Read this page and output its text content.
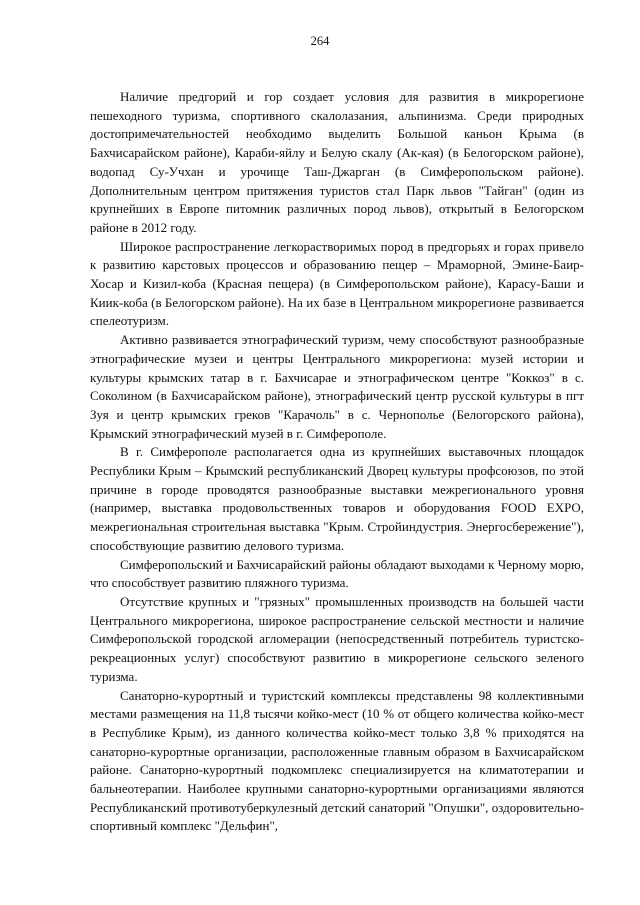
264

Наличие предгорий и гор создает условия для развития в микрорегионе пешеходного туризма, спортивного скалолазания, альпинизма. Среди природных достопримечательностей необходимо выделить Большой каньон Крыма (в Бахчисарайском районе), Караби-яйлу и Белую скалу (Ак-кая) (в Белогорском районе), водопад Су-Учхан и урочище Таш-Джарган (в Симферопольском районе). Дополнительным центром притяжения туристов стал Парк львов "Тайган" (один из крупнейших в Европе питомник различных пород львов), открытый в Белогорском районе в 2012 году.

Широкое распространение легкорастворимых пород в предгорьях и горах привело к развитию карстовых процессов и образованию пещер – Мраморной, Эмине-Баир-Хосар и Кизил-коба (Красная пещера) (в Симферопольском районе), Карасу-Баши и Киик-коба (в Белогорском районе). На их базе в Центральном микрорегионе развивается спелеотуризм.

Активно развивается этнографический туризм, чему способствуют разнообразные этнографические музеи и центры Центрального микрорегиона: музей истории и культуры крымских татар в г. Бахчисарае и этнографическом центре "Коккоз" в с. Соколином (в Бахчисарайском районе), этнографический центр русской культуры в пгт Зуя и центр крымских греков "Карачоль" в с. Чернополье (Белогорского района), Крымский этнографический музей в г. Симферополе.

В г. Симферополе располагается одна из крупнейших выставочных площадок Республики Крым – Крымский республиканский Дворец культуры профсоюзов, по этой причине в городе проводятся разнообразные выставки межрегионального уровня (например, выставка продовольственных товаров и оборудования FOOD EXPO, межрегиональная строительная выставка "Крым. Стройиндустрия. Энергосбережение"), способствующие развитию делового туризма.

Симферопольский и Бахчисарайский районы обладают выходами к Черному морю, что способствует развитию пляжного туризма.

Отсутствие крупных и "грязных" промышленных производств на большей части Центрального микрорегиона, широкое распространение сельской местности и наличие Симферопольской городской агломерации (непосредственный потребитель туристско-рекреационных услуг) способствуют развитию в микрорегионе сельского зеленого туризма.

Санаторно-курортный и туристский комплексы представлены 98 коллективными местами размещения на 11,8 тысячи койко-мест (10 % от общего количества койко-мест в Республике Крым), из данного количества койко-мест только 3,8 % приходятся на санаторно-курортные организации, расположенные главным образом в Бахчисарайском районе. Санаторно-курортный подкомплекс специализируется на климатотерапии и бальнеотерапии. Наиболее крупными санаторно-курортными организациями являются Республиканский противотуберкулезный детский санаторий "Опушки", оздоровительно-спортивный комплекс "Дельфин",
